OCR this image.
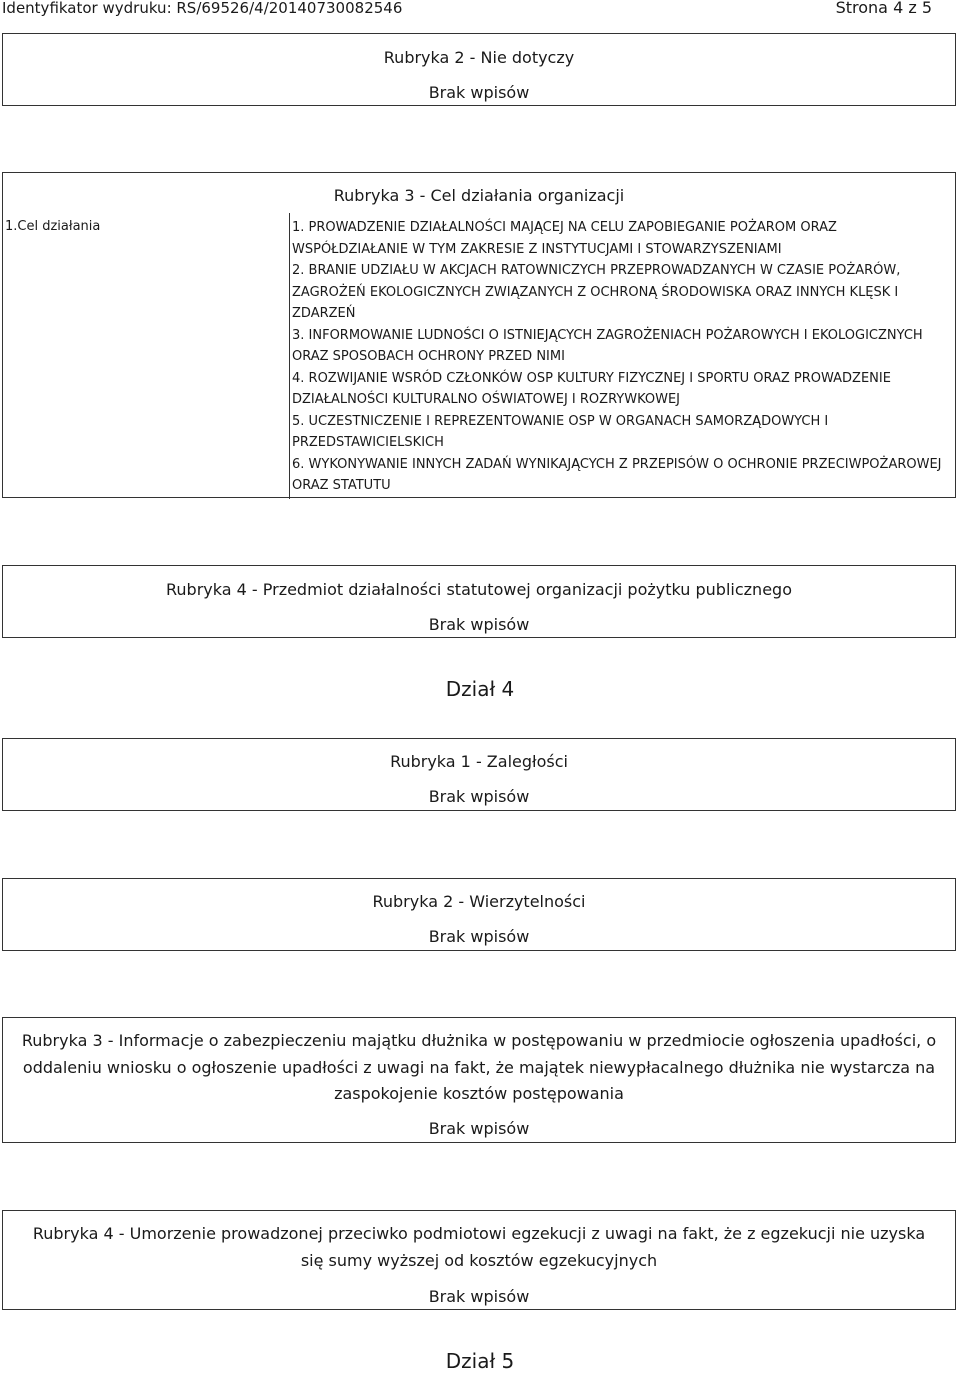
Identyfikator wydruku: RS/69526/4/20140730082546	Strona 4 z 5
Rubryka 2 - Nie dotyczy
Brak wpisów
Rubryka 3 - Cel działania organizacji
1.Cel działania	1. PROWADZENIE DZIAŁALNOŚCI MAJĄCEJ NA CELU ZAPOBIEGANIE POŻAROM ORAZ WSPÓŁDZIAŁANIE W TYM ZAKRESIE Z INSTYTUCJAMI I STOWARZYSZENIAMI

2. BRANIE UDZIAŁU W AKCJACH RATOWNICZYCH PRZEPROWADZANYCH W CZASIE POŻARÓW, ZAGROŻEŃ EKOLOGICZNYCH ZWIĄZANYCH Z OCHRONĄ ŚRODOWISKA ORAZ INNYCH KLĘSK I ZDARZEŃ

3. INFORMOWANIE LUDNOŚCI O ISTNIEJĄCYCH ZAGROŻENIACH POŻAROWYCH I EKOLOGICZNYCH ORAZ SPOSOBACH OCHRONY PRZED NIMI

4. ROZWIJANIE WSRÓD CZŁONKÓW OSP KULTURY FIZYCZNEJ I SPORTU ORAZ PROWADZENIE DZIAŁALNOŚCI KULTURALNO OŚWIATOWEJ I ROZRYWKOWEJ

5. UCZESTNICZENIE I REPREZENTOWANIE OSP W ORGANACH SAMORZĄDOWYCH I PRZEDSTAWICIELSKICH

6. WYKONYWANIE INNYCH ZADAŃ WYNIKAJĄCYCH Z PRZEPISÓW O OCHRONIE PRZECIWPOŻAROWEJ ORAZ STATUTU

Rubryka 4 - Przedmiot działalności statutowej organizacji pożytku publicznego
Brak wpisów
Dział 4
Rubryka 1 - Zaległości
Brak wpisów
Rubryka 2 - Wierzytelności
Brak wpisów
Rubryka 3 - Informacje o zabezpieczeniu majątku dłużnika w postępowaniu w przedmiocie ogłoszenia upadłości, o oddaleniu wniosku o ogłoszenie upadłości z uwagi na fakt, że majątek niewypłacalnego dłużnika nie wystarcza na zaspokojenie kosztów postępowania
Brak wpisów
Rubryka 4 - Umorzenie prowadzonej przeciwko podmiotowi egzekucji z uwagi na fakt, że z egzekucji nie uzyska się sumy wyższej od kosztów egzekucyjnych
Brak wpisów
Dział 5
